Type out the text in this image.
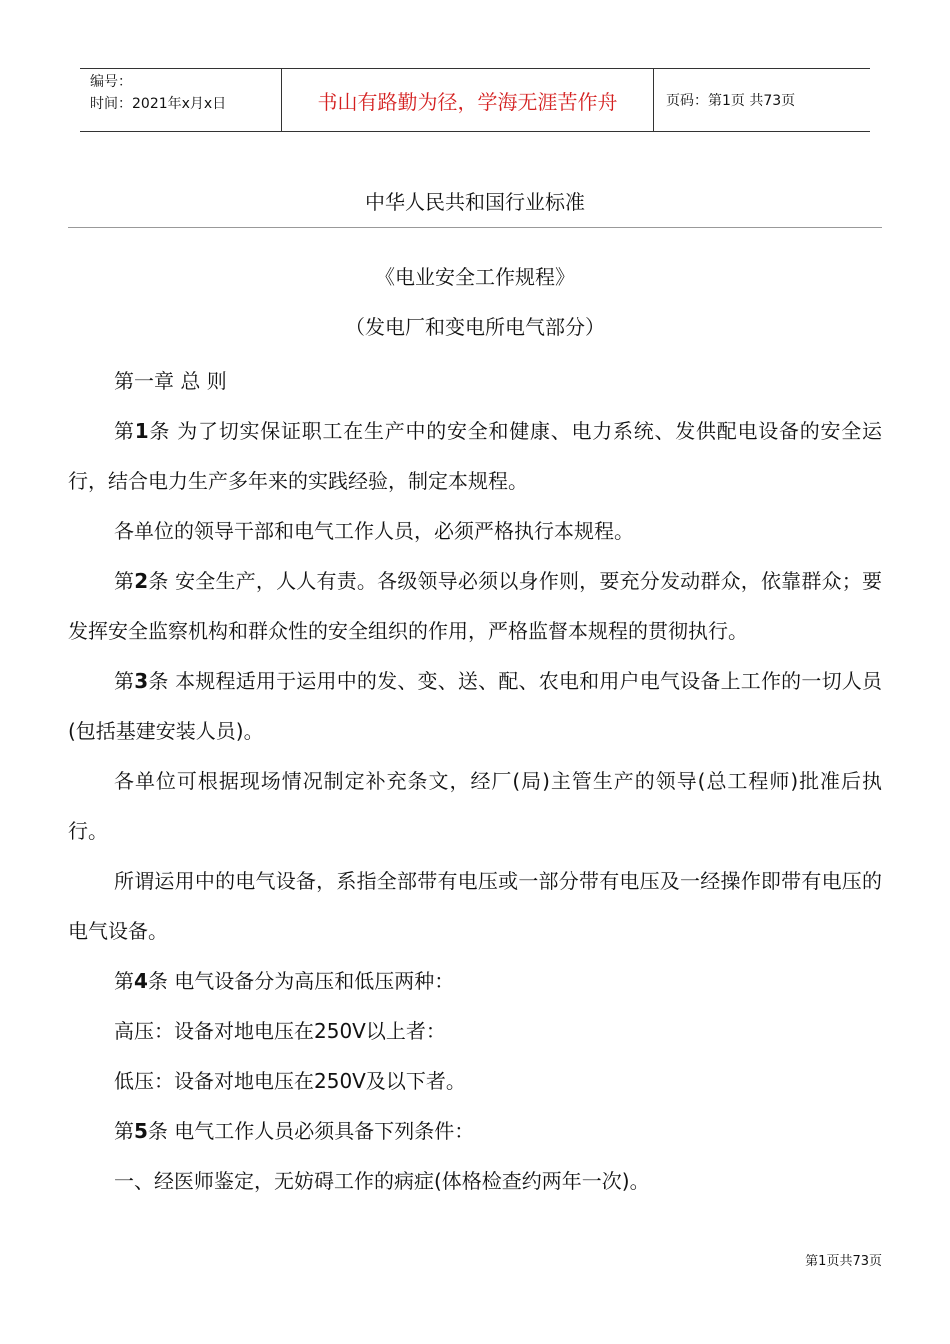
编号：
时间：2021年x月x日	书山有路勤为径，学海无涯苦作舟	页码：第1页 共73页
中华人民共和国行业标准
《电业安全工作规程》
（发电厂和变电所电气部分）

第一章 总 则

第1条 为了切实保证职工在生产中的安全和健康、电力系统、发供配电设备的安全运行，结合电力生产多年来的实践经验，制定本规程。

各单位的领导干部和电气工作人员，必须严格执行本规程。

第2条 安全生产，人人有责。各级领导必须以身作则，要充分发动群众，依靠群众；要发挥安全监察机构和群众性的安全组织的作用，严格监督本规程的贯彻执行。

第3条 本规程适用于运用中的发、变、送、配、农电和用户电气设备上工作的一切人员(包括基建安装人员)。

各单位可根据现场情况制定补充条文，经厂(局)主管生产的领导(总工程师)批准后执行。

所谓运用中的电气设备，系指全部带有电压或一部分带有电压及一经操作即带有电压的电气设备。

第4条 电气设备分为高压和低压两种：

高压：设备对地电压在250V以上者：

低压：设备对地电压在250V及以下者。

第5条 电气工作人员必须具备下列条件：

一、经医师鉴定，无妨碍工作的病症(体格检查约两年一次)。

第1页共73页
